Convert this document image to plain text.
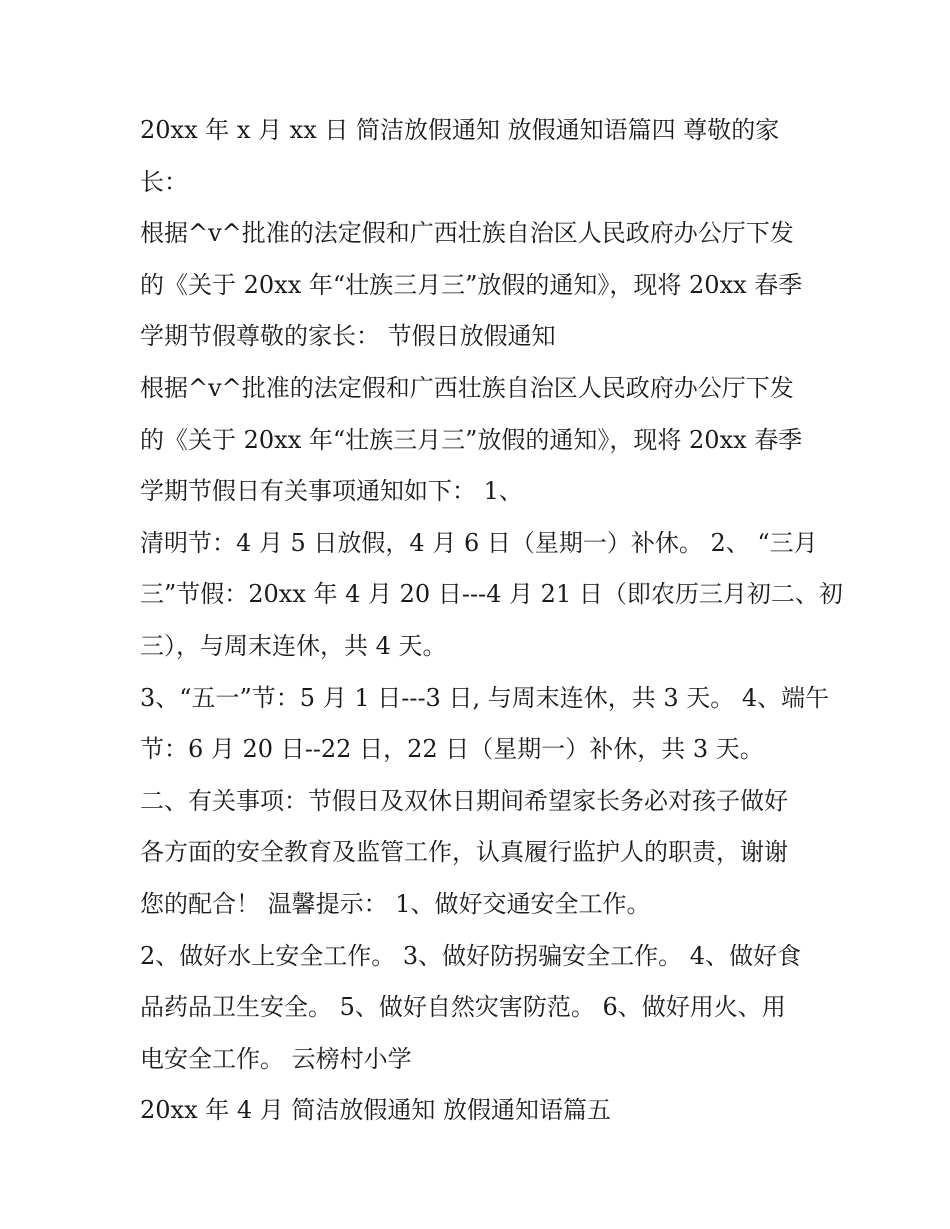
20xx 年 x 月 xx 日 简洁放假通知 放假通知语篇四 尊敬的家
长：
根据^v^批准的法定假和广西壮族自治区人民政府办公厅下发
的《关于 20xx 年“壮族三月三”放假的通知》，现将 20xx 春季
学期节假尊敬的家长： 节假日放假通知
根据^v^批准的法定假和广西壮族自治区人民政府办公厅下发
的《关于 20xx 年“壮族三月三”放假的通知》，现将 20xx 春季
学期节假日有关事项通知如下： 1、
清明节：4 月 5 日放假，4 月 6 日（星期一）补休。 2、 “三月
三”节假：20xx 年 4 月 20 日---4 月 21 日（即农历三月初二、初
三），与周末连休，共 4 天。
3、“五一”节：5 月 1 日---3 日, 与周末连休，共 3 天。 4、端午
节：6 月 20 日--22 日，22 日（星期一）补休，共 3 天。
二、有关事项：节假日及双休日期间希望家长务必对孩子做好
各方面的安全教育及监管工作，认真履行监护人的职责，谢谢
您的配合！ 温馨提示： 1、做好交通安全工作。
2、做好水上安全工作。 3、做好防拐骗安全工作。 4、做好食
品药品卫生安全。 5、做好自然灾害防范。 6、做好用火、用
电安全工作。 云榜村小学
20xx 年 4 月 简洁放假通知 放假通知语篇五
